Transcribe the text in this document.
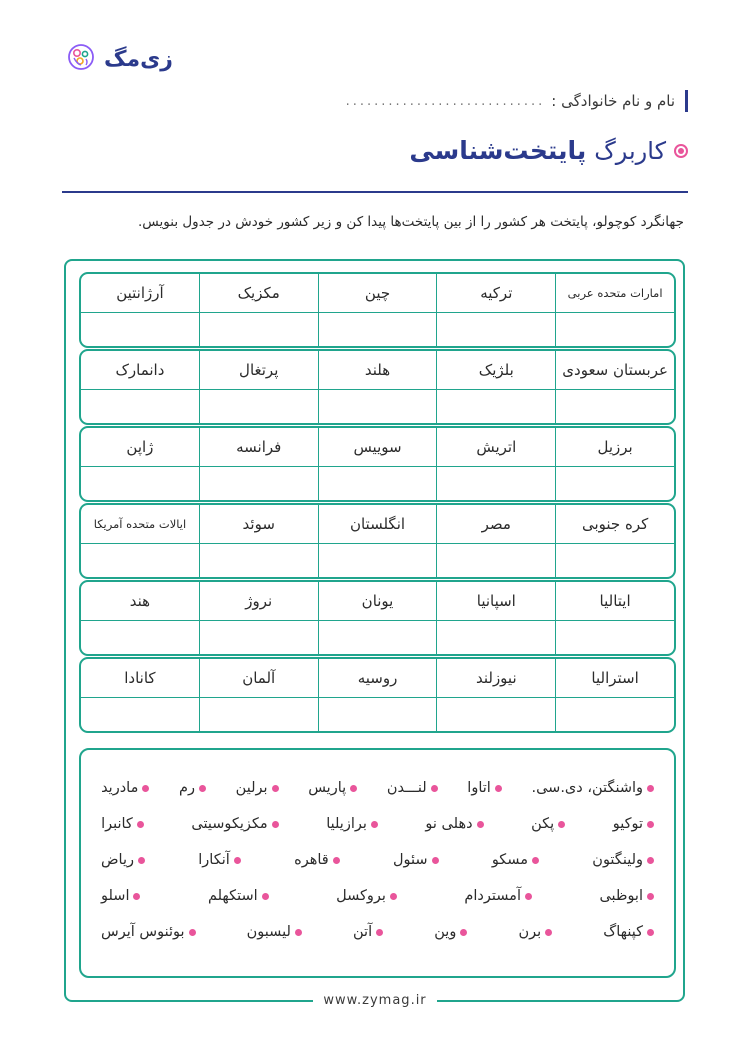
زی‌مگ
نام و نام خانوادگی :
............................
کاربرگ
پایتخت‌شناسی
جهانگرد کوچولو، پایتخت هر کشور را از بین پایتخت‌ها پیدا کن و زیر کشور خودش در جدول بنویس.
امارات متحده عربی
ترکیه
چین
مکزیک
آرژانتین
عربستان سعودی
بلژیک
هلند
پرتغال
دانمارک
برزیل
اتریش
سوییس
فرانسه
ژاپن
کره جنوبی
مصر
انگلستان
سوئد
ایالات متحده آمریکا
ایتالیا
اسپانیا
یونان
نروژ
هند
استرالیا
نیوزلند
روسیه
آلمان
کانادا
واشنگتن، دی.سی.
اتاوا
لنـــدن
پاریس
برلین
رم
مادرید
توکیو
پکن
دهلی نو
برازیلیا
مکزیکوسیتی
کانبرا
ولینگتون
مسکو
سئول
قاهره
آنکارا
ریاض
ابوظبی
آمستردام
بروکسل
استکهلم
اسلو
کپنهاگ
برن
وین
آتن
لیسبون
بوئنوس آیرس
www.zymag.ir
